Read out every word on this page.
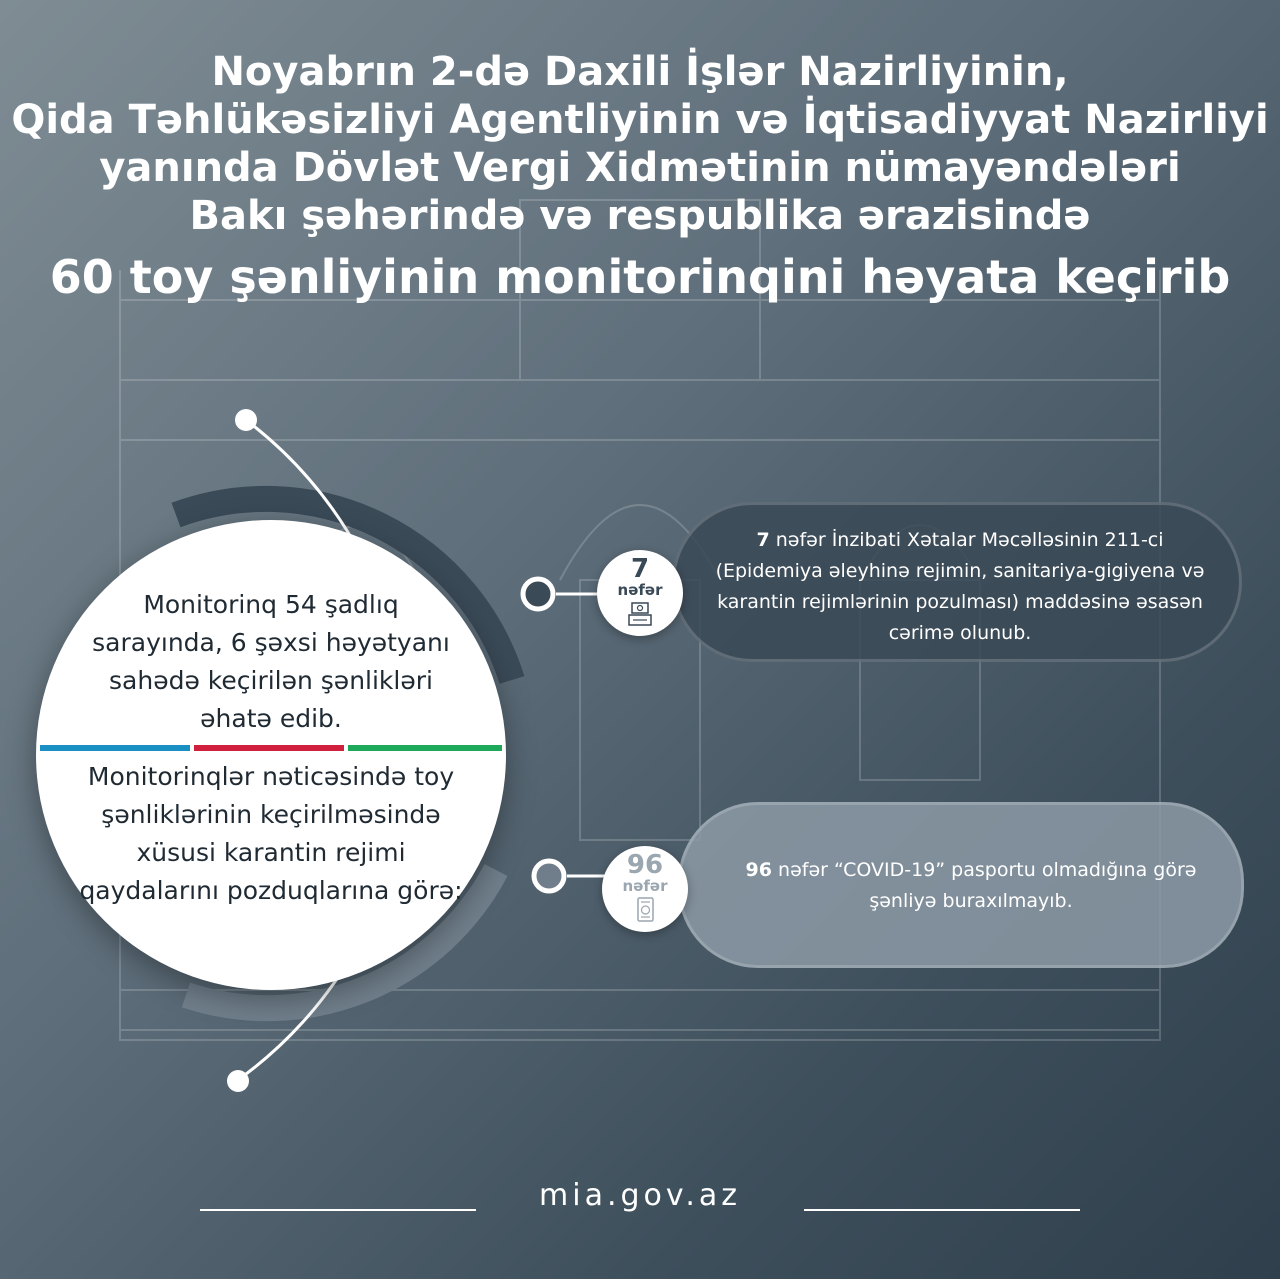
Noyabrın 2-də Daxili İşlər Nazirliyinin,
Qida Təhlükəsizliyi Agentliyinin və İqtisadiyyat Nazirliyi
yanında Dövlət Vergi Xidmətinin nümayəndələri
Bakı şəhərində və respublika ərazisində
60 toy şənliyinin monitorinqini həyata keçirib
Monitorinq 54 şadlıq sarayında, 6 şəxsi həyətyanı sahədə keçirilən şənlikləri əhatə edib.
Monitorinqlər nəticəsində toy şənliklərinin keçirilməsində xüsusi karantin rejimi qaydalarını pozduqlarına görə:
7 nəfər İnzibati Xətalar Məcəlləsinin 211-ci (Epidemiya əleyhinə rejimin, sanitariya-gigiyena və karantin rejimlərinin pozulması) maddəsinə əsasən cərimə olunub.
96 nəfər “COVID-19” pasportu olmadığına görə şənliyə buraxılmayıb.
7
nəfər
96
nəfər
mia.gov.az
